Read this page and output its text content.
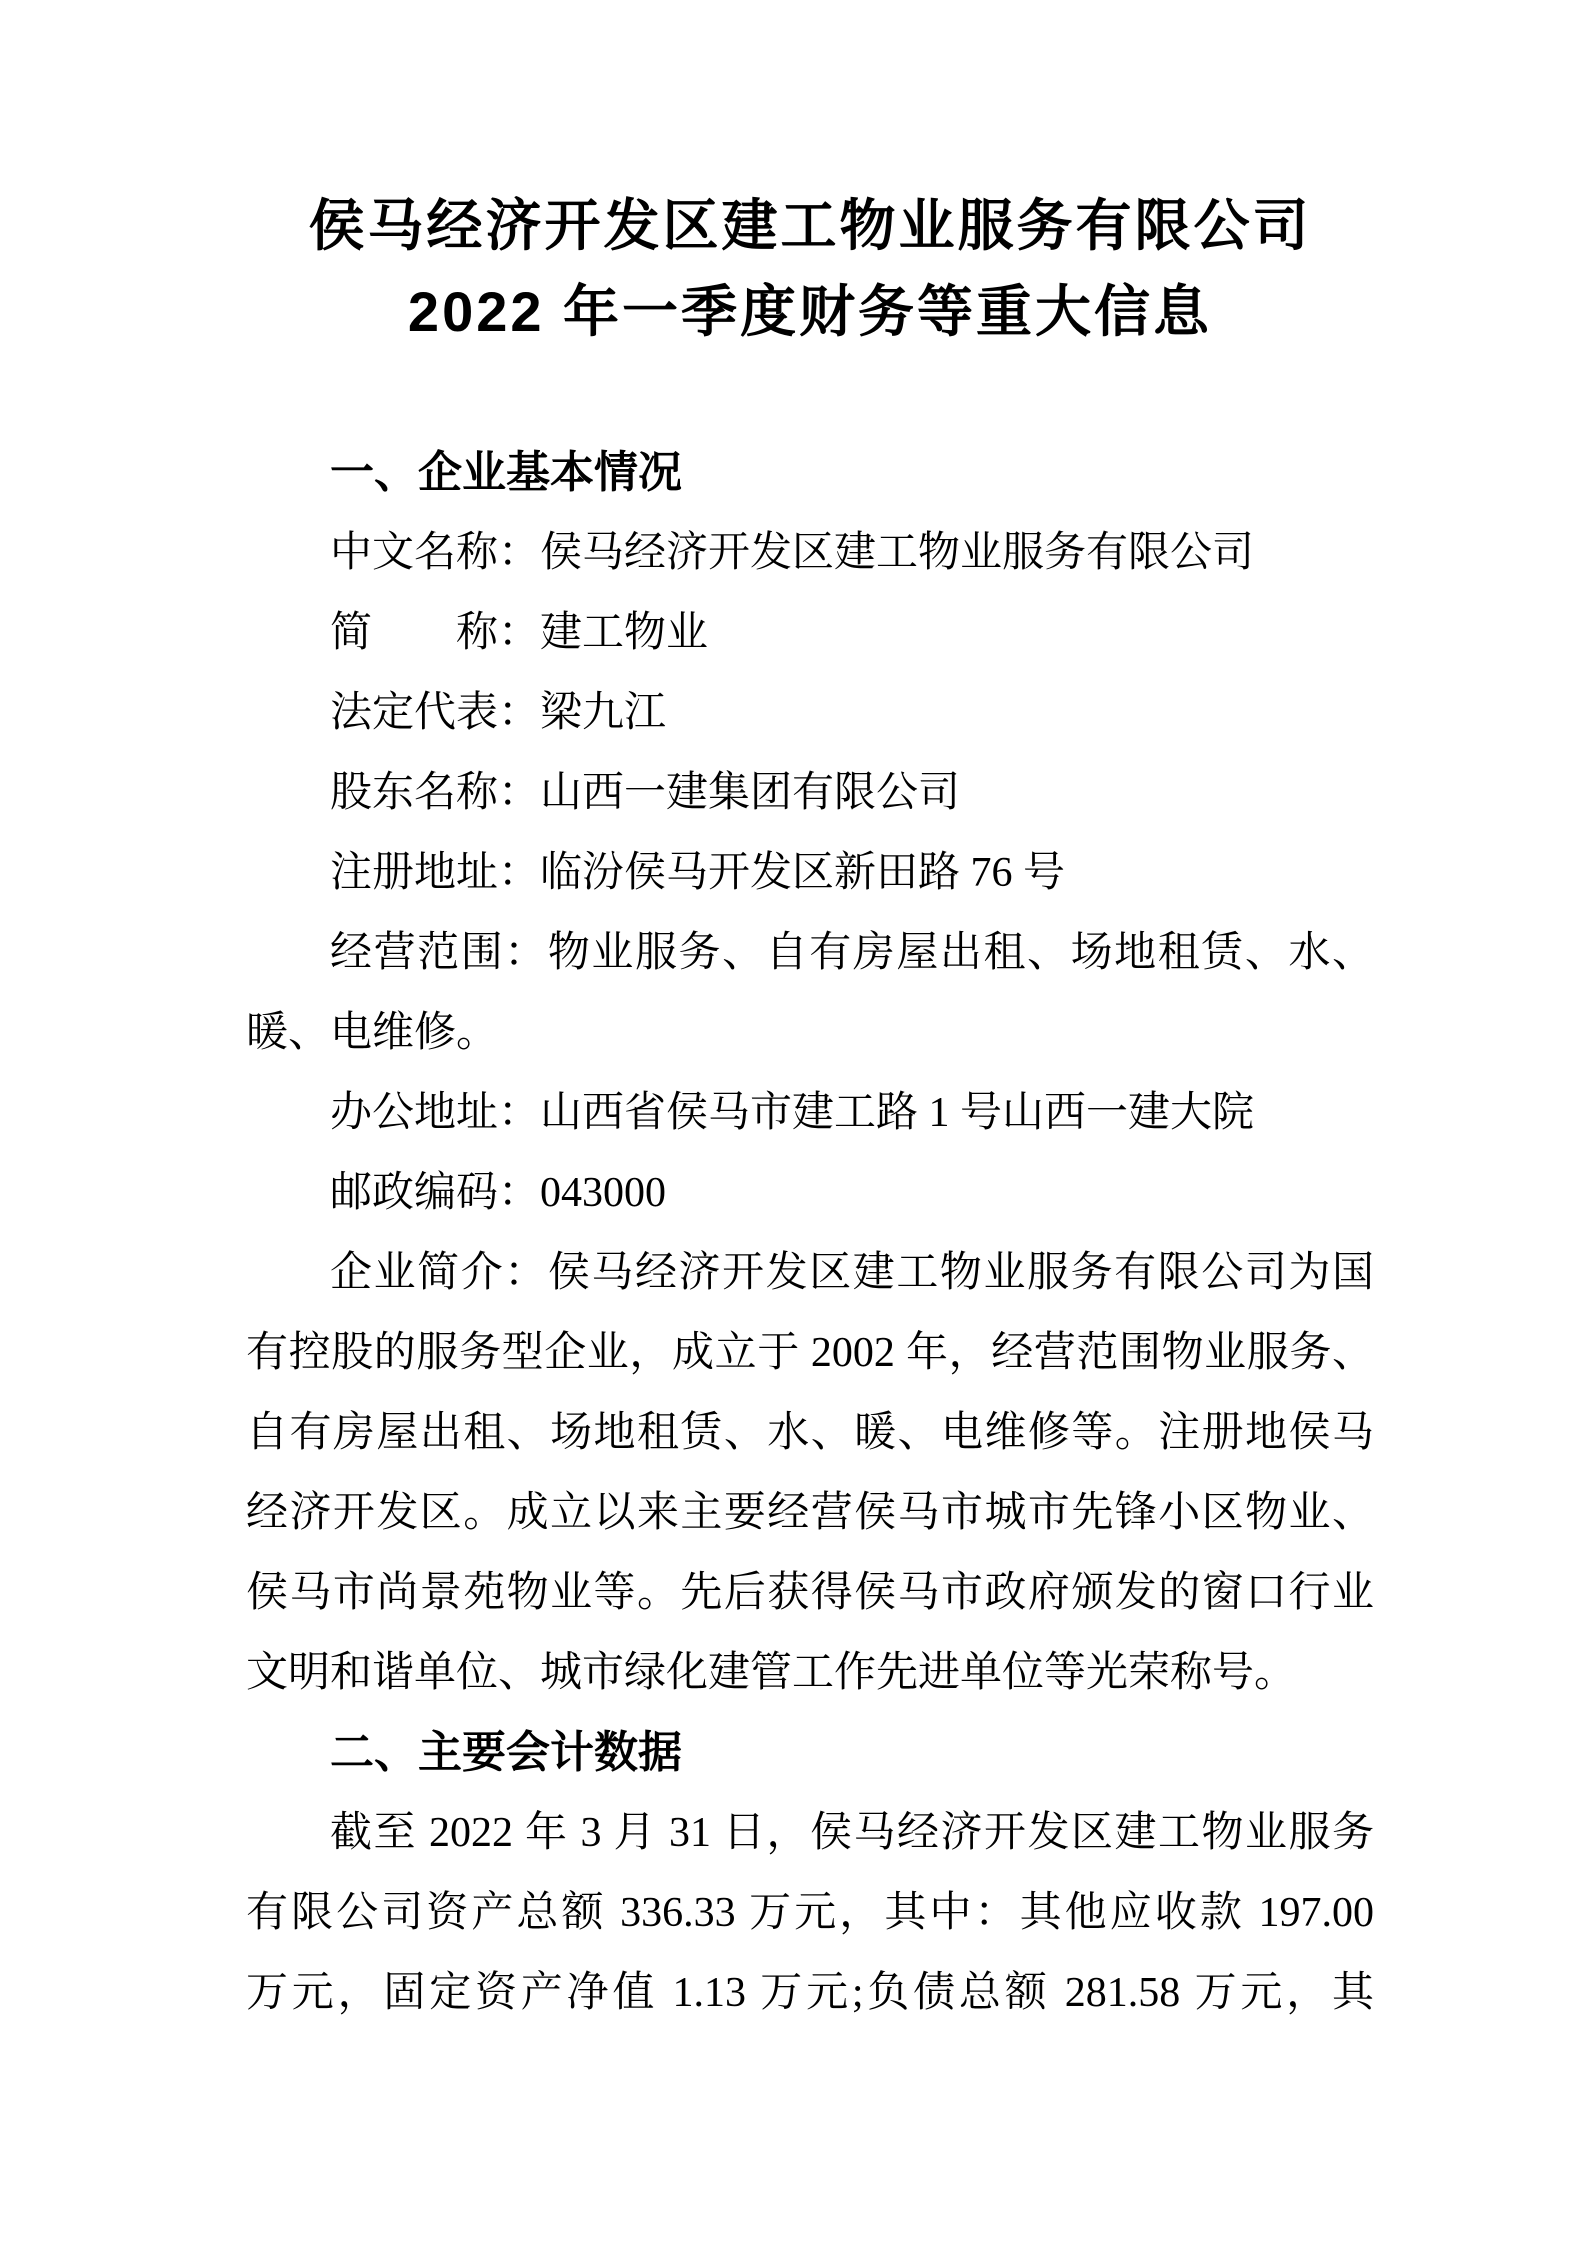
侯马经济开发区建工物业服务有限公司
2022 年一季度财务等重大信息
一、企业基本情况
中文名称：侯马经济开发区建工物业服务有限公司
简　　称：建工物业
法定代表：梁九江
股东名称：山西一建集团有限公司
注册地址：临汾侯马开发区新田路 76 号
经营范围：物业服务、自有房屋出租、场地租赁、水、
暖、电维修。
办公地址：山西省侯马市建工路 1 号山西一建大院
邮政编码：043000
企业简介：侯马经济开发区建工物业服务有限公司为国
有控股的服务型企业，成立于 2002 年，经营范围物业服务、
自有房屋出租、场地租赁、水、暖、电维修等。注册地侯马
经济开发区。成立以来主要经营侯马市城市先锋小区物业、
侯马市尚景苑物业等。先后获得侯马市政府颁发的窗口行业
文明和谐单位、城市绿化建管工作先进单位等光荣称号。
二、主要会计数据
截至 2022 年 3 月 31 日，侯马经济开发区建工物业服务
有限公司资产总额 336.33 万元，其中：其他应收款 197.00
万元，固定资产净值 1.13 万元;负债总额 281.58 万元，其
